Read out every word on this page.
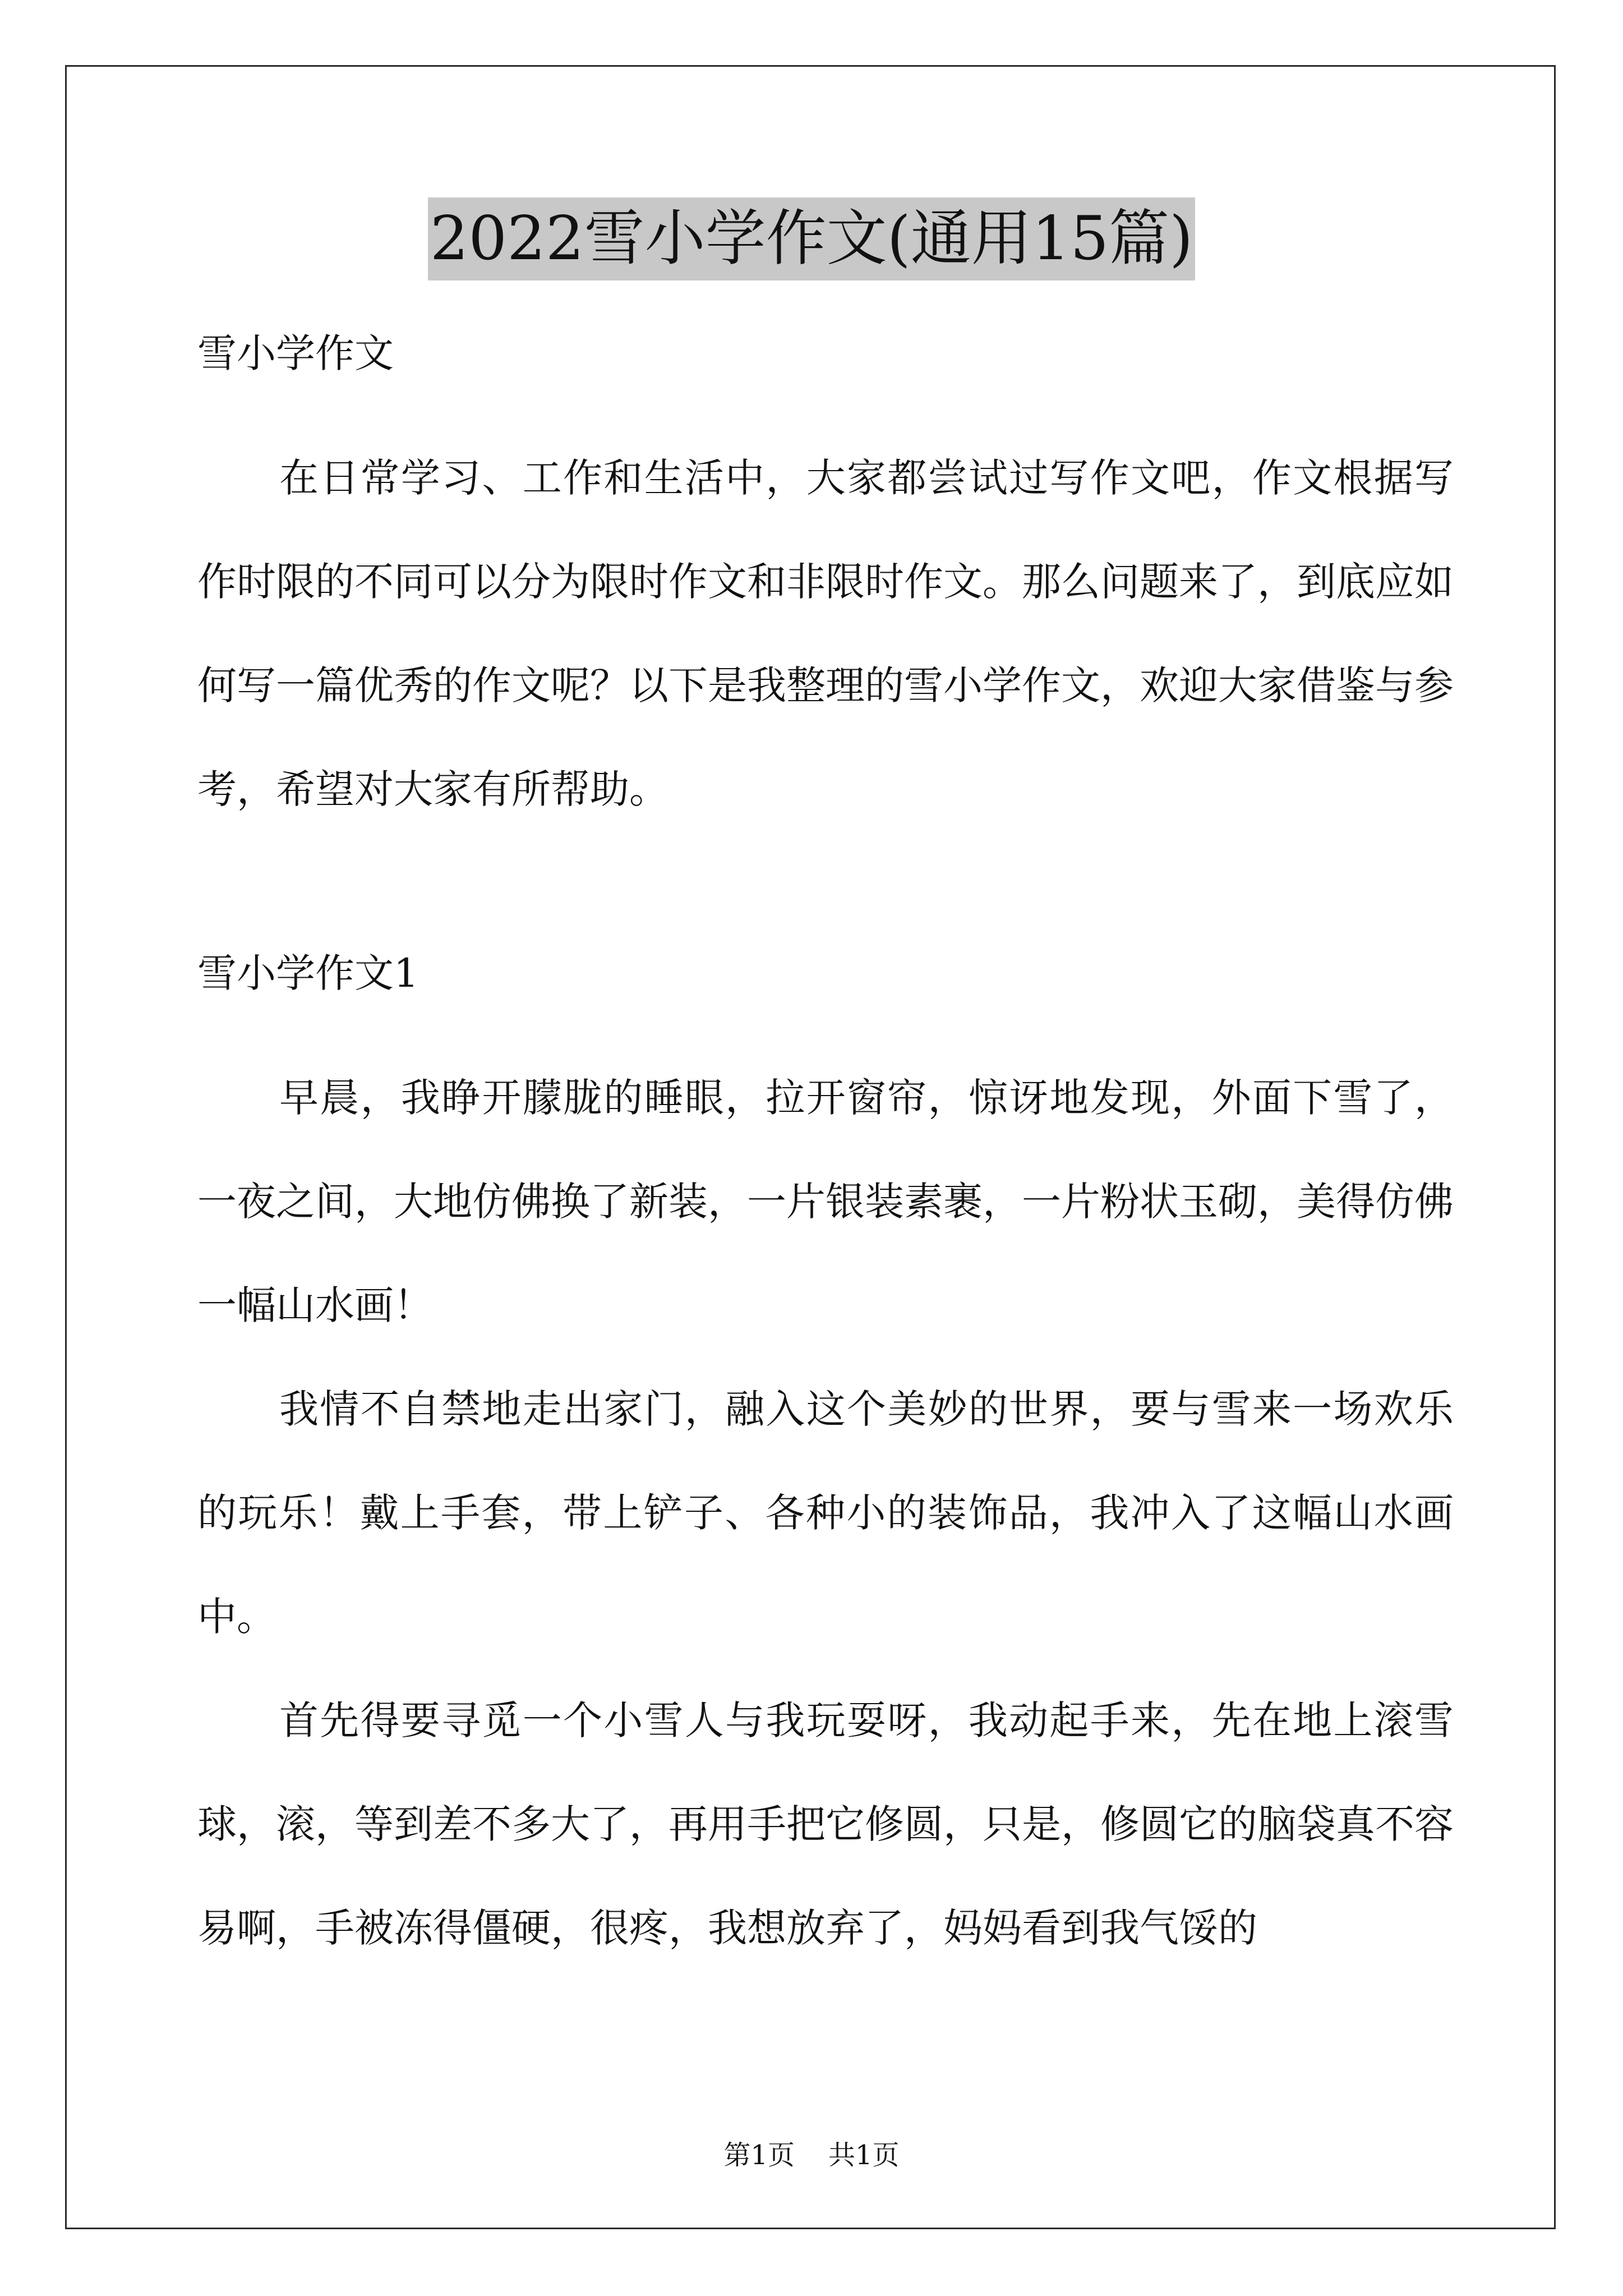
2022雪小学作文(通用15篇)

雪小学作文

在日常学习、工作和生活中，大家都尝试过写作文吧，作文根据写作时限的不同可以分为限时作文和非限时作文。那么问题来了，到底应如何写一篇优秀的作文呢？以下是我整理的雪小学作文，欢迎大家借鉴与参考，希望对大家有所帮助。

雪小学作文1

早晨，我睁开朦胧的睡眼，拉开窗帘，惊讶地发现，外面下雪了，一夜之间，大地仿佛换了新装，一片银装素裹，一片粉状玉砌，美得仿佛一幅山水画！

我情不自禁地走出家门，融入这个美妙的世界，要与雪来一场欢乐的玩乐！戴上手套，带上铲子、各种小的装饰品，我冲入了这幅山水画中。

首先得要寻觅一个小雪人与我玩耍呀，我动起手来，先在地上滚雪球，滚，等到差不多大了，再用手把它修圆，只是，修圆它的脑袋真不容易啊，手被冻得僵硬，很疼，我想放弃了，妈妈看到我气馁的

第1页 共1页
